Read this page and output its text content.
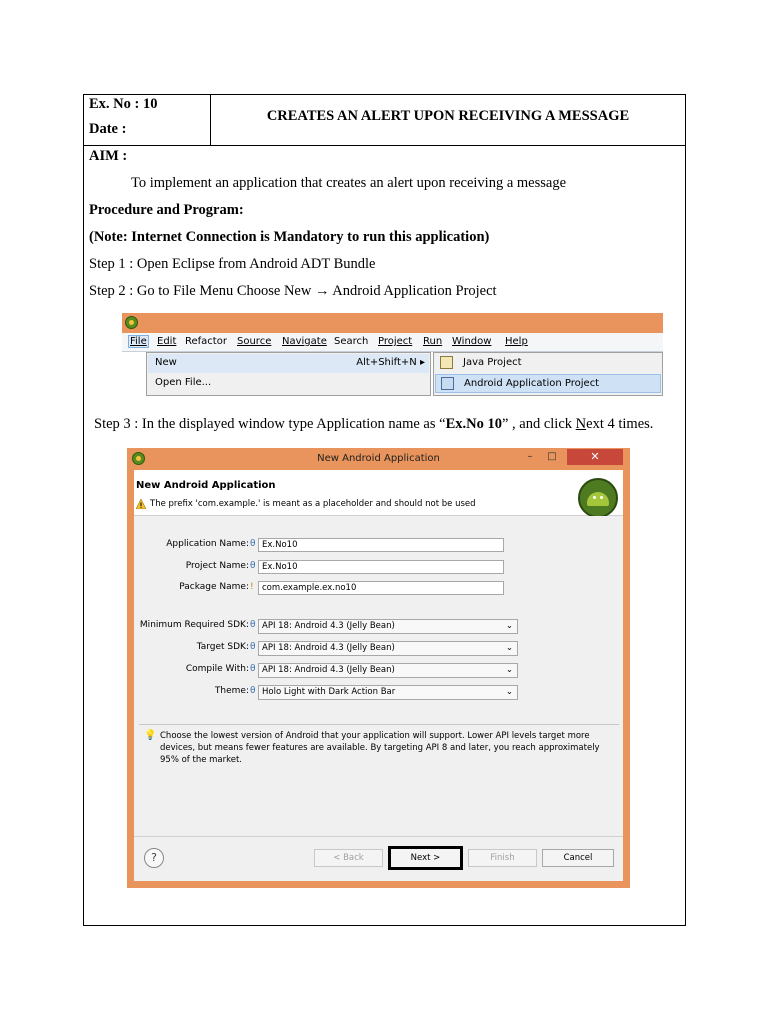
Ex. No : 10
Date :
CREATES AN ALERT UPON RECEIVING A MESSAGE
AIM :
To implement an application that creates an alert upon receiving a message
Procedure and Program:
(Note: Internet Connection is Mandatory to run this application)
Step 1 : Open Eclipse from Android ADT Bundle
Step 2 : Go to File Menu Choose New → Android Application Project
File Edit Refactor Source Navigate Search Project Run Window Help
New	Alt+Shift+N ▸
Open File...
Java Project
Android Application Project
Step 3 : In the displayed window type Application name as “Ex.No 10” , and click Next 4 times.
New Android Application	–	□	✕
New Android Application
The prefix 'com.example.' is meant as a placeholder and should not be used
Application Name: θ Ex.No10
Project Name: θ Ex.No10
Package Name: ! com.example.ex.no10
Minimum Required SDK: θ API 18: Android 4.3 (Jelly Bean)	⌄
Target SDK: θ API 18: Android 4.3 (Jelly Bean)	⌄
Compile With: θ API 18: Android 4.3 (Jelly Bean)	⌄
Theme: θ Holo Light with Dark Action Bar	⌄
💡 Choose the lowest version of Android that your application will support. Lower API levels target more devices, but means fewer features are available. By targeting API 8 and later, you reach approximately 95% of the market.
?	< Back	Next >	Finish	Cancel
